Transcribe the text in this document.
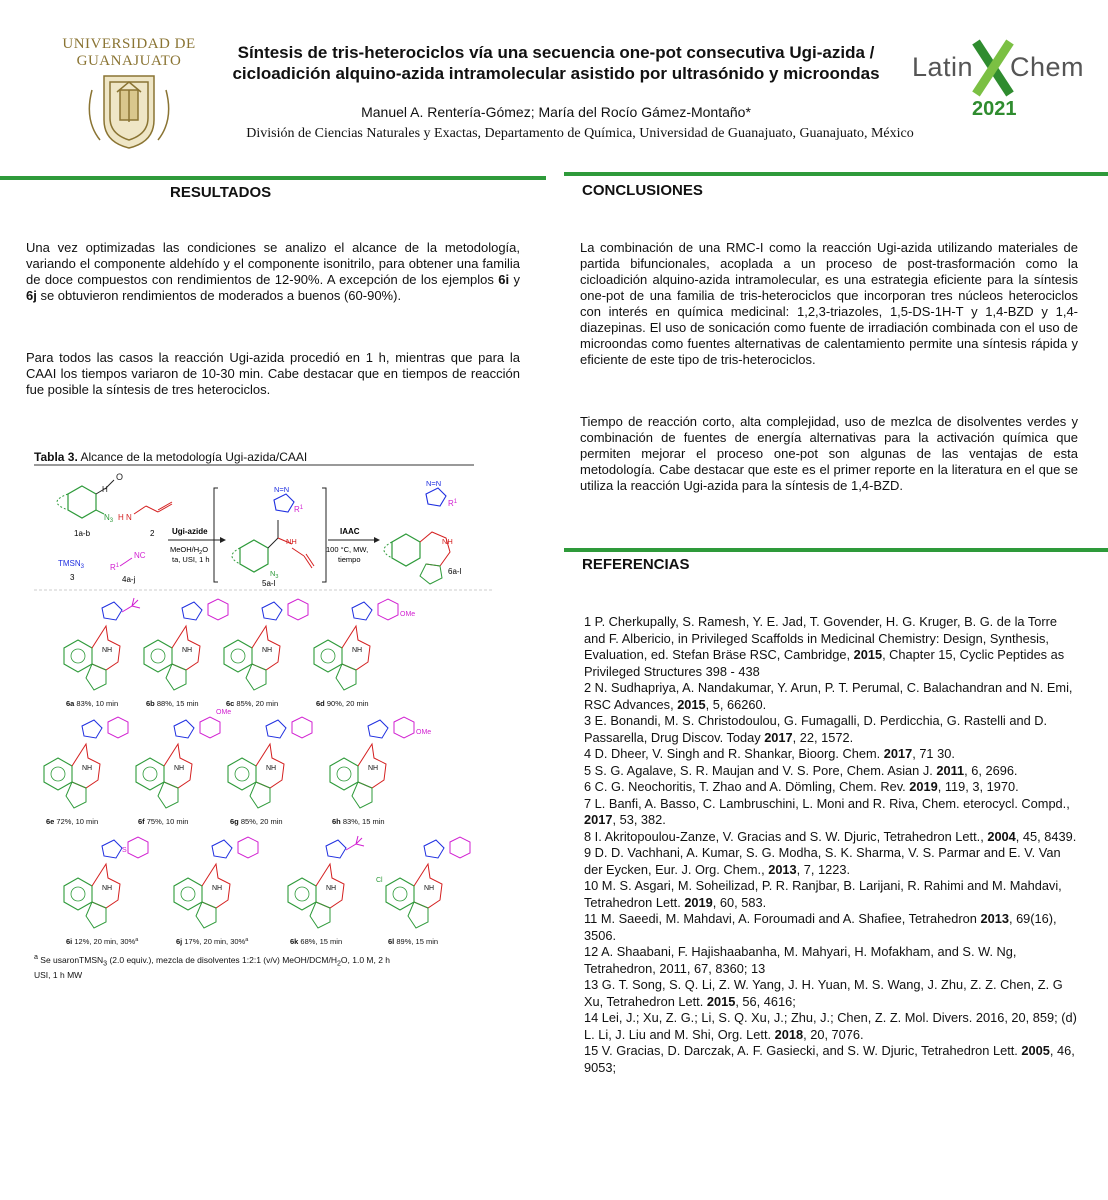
UNIVERSIDAD DE
GUANAJUATO	Síntesis de tris-heterociclos vía una secuencia one-pot consecutiva Ugi-azida /
cicloadición alquino-azida intramolecular asistido por ultrasónido y microondas
Manuel A. Rentería-Gómez; María del Rocío Gámez-Montaño*
División de Ciencias Naturales y Exactas, Departamento de Química, Universidad de Guanajuato, Guanajuato, México
Latin Chem
2021
RESULTADOS
Una vez optimizadas las condiciones se analizo el alcance de la metodología, variando el componente aldehído y el componente isonitrilo, para obtener una familia de doce compuestos con rendimientos de 12-90%. A excepción de los ejemplos 6i y 6j se obtuvieron rendimientos de moderados a buenos (60-90%).
Para todos las casos la reacción Ugi-azida procedió en 1 h, mientras que para la CAAI los tiempos variaron de 10-30 min. Cabe destacar que en tiempos de reacción fue posible la síntesis de tres heterociclos.
Tabla 3. Alcance de la metodología Ugi-azida/CAAI
O
H
$N_3$
1a-b
H N
2
$TMSN_3$
3
$R^1$
NC
4a-j
Ugi-azide
MeOH/$H_2O$
ta, USI, 1 h
N=N
$R^1$
NH
$N_3$
5a-l
IAAC
100 °C, MW,
tiempo
N=N
$R^1$
NH
6a-l
NH
6a 83%, 10 min
NH
6b 88%, 15 min
NH
6c 85%, 20 min
NH
OMe
6d 90%, 20 min
NH
6e 72%, 10 min
NH
OMe
6f 75%, 10 min
NH
6g 85%, 20 min
NH
OMe
6h 83%, 15 min
NH
S
6i 12%, 20 min, 30%$^a$
NH
6j 17%, 20 min, 30%$^a$
NH
6k 68%, 15 min
NH
Cl
6l 89%, 15 min
$^a$ Se usaronTMSN$_3$ (2.0 equiv.), mezcla de disolventes 1:2:1 (v/v) MeOH/$DCM/H_2O$, 1.0 M, 2 h
USI, 1 h MW
CONCLUSIONES
La combinación de una RMC-I como la reacción Ugi-azida utilizando materiales de partida bifuncionales, acoplada a un proceso de post-trasformación como la cicloadición alquino-azida intramolecular, es una estrategia eficiente para la síntesis one-pot de una familia de tris-heterociclos que incorporan tres núcleos heterociclos con interés en química medicinal: 1,2,3-triazoles, 1,5-DS-1H-T y 1,4-BZD y 1,4-diazepinas. El uso de sonicación como fuente de irradiación combinada con el uso de microondas como fuentes alternativas de calentamiento permite una síntesis rápida y eficiente de este tipo de tris-heterociclos.
Tiempo de reacción corto, alta complejidad, uso de mezlca de disolventes verdes y combinación de fuentes de energía alternativas para la activación química que permiten mejorar el proceso one-pot son algunas de las ventajas de esta metodología. Cabe destacar que este es el primer reporte en la literatura en el que se utiliza la reacción Ugi-azida para la síntesis de 1,4-BZD.
REFERENCIAS

1 P. Cherkupally, S. Ramesh, Y. E. Jad, T. Govender, H. G. Kruger, B. G. de la Torre and F. Albericio, in Privileged Scaffolds in Medicinal Chemistry: Design, Synthesis, Evaluation, ed. Stefan Bräse RSC, Cambridge, 2015, Chapter 15, Cyclic Peptides as Privileged Structures 398 - 438

2 N. Sudhapriya, A. Nandakumar, Y. Arun, P. T. Perumal, C. Balachandran and N. Emi, RSC Advances, 2015, 5, 66260.

3 E. Bonandi, M. S. Christodoulou, G. Fumagalli, D. Perdicchia, G. Rastelli and D. Passarella, Drug Discov. Today 2017, 22, 1572.

4 D. Dheer, V. Singh and R. Shankar, Bioorg. Chem. 2017, 71 30.

5 S. G. Agalave, S. R. Maujan and V. S. Pore, Chem. Asian J. 2011, 6, 2696.

6 C. G. Neochoritis, T. Zhao and A. Dömling, Chem. Rev. 2019, 119, 3, 1970.

7 L. Banfi, A. Basso, C. Lambruschini, L. Moni and R. Riva, Chem. eterocycl. Compd., 2017, 53, 382.

8 I. Akritopoulou-Zanze, V. Gracias and S. W. Djuric, Tetrahedron Lett., 2004, 45, 8439.

9 D. D. Vachhani, A. Kumar, S. G. Modha, S. K. Sharma, V. S. Parmar and E. V. Van der Eycken, Eur. J. Org. Chem., 2013, 7, 1223.

10 M. S. Asgari, M. Soheilizad, P. R. Ranjbar, B. Larijani, R. Rahimi and M. Mahdavi, Tetrahedron Lett. 2019, 60, 583.

11 M. Saeedi, M. Mahdavi, A. Foroumadi and A. Shafiee, Tetrahedron 2013, 69(16), 3506.

12 A. Shaabani, F. Hajishaabanha, M. Mahyari, H. Mofakham, and S. W. Ng, Tetrahedron, 2011, 67, 8360; 13

13 G. T. Song, S. Q. Li, Z. W. Yang, J. H. Yuan, M. S. Wang, J. Zhu, Z. Z. Chen, Z. G Xu, Tetrahedron Lett. 2015, 56, 4616;

14 Lei, J.; Xu, Z. G.; Li, S. Q. Xu, J.; Zhu, J.; Chen, Z. Z. Mol. Divers. 2016, 20, 859; (d) L. Li, J. Liu and M. Shi, Org. Lett. 2018, 20, 7076.

15 V. Gracias, D. Darczak, A. F. Gasiecki, and S. W. Djuric, Tetrahedron Lett. 2005, 46, 9053;
